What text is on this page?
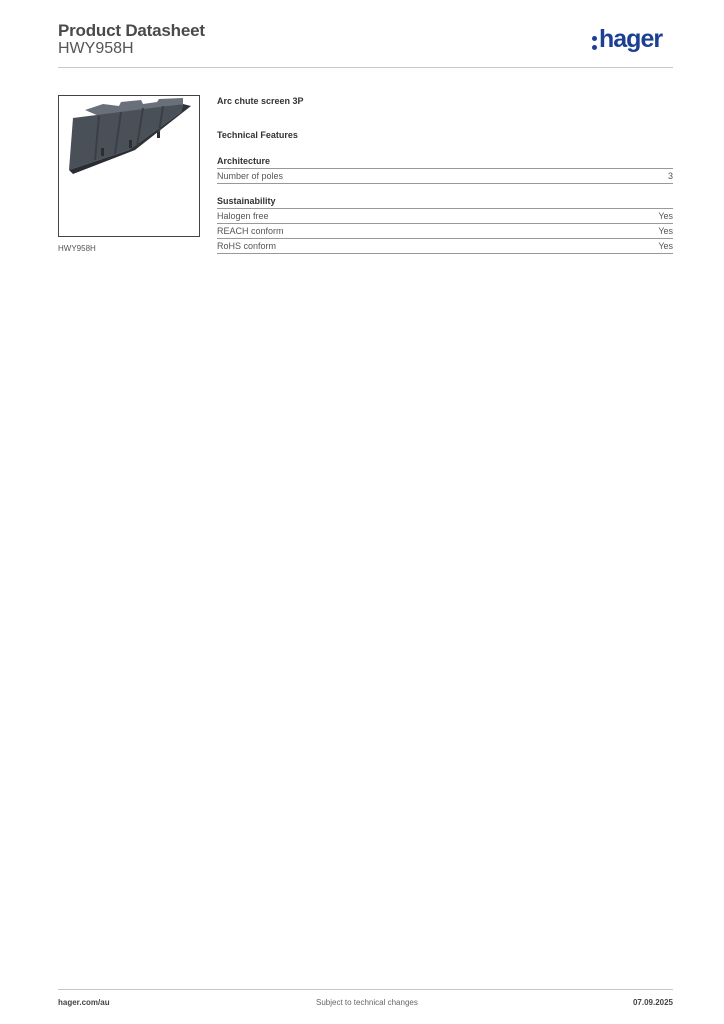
Product Datasheet
HWY958H	hager
HWY958H
Arc chute screen 3P
Technical Features
Architecture
Number of poles	3
Sustainability
Halogen free	Yes
REACH conform	Yes
RoHS conform	Yes
hager.com/au	Subject to technical changes	07.09.2025
